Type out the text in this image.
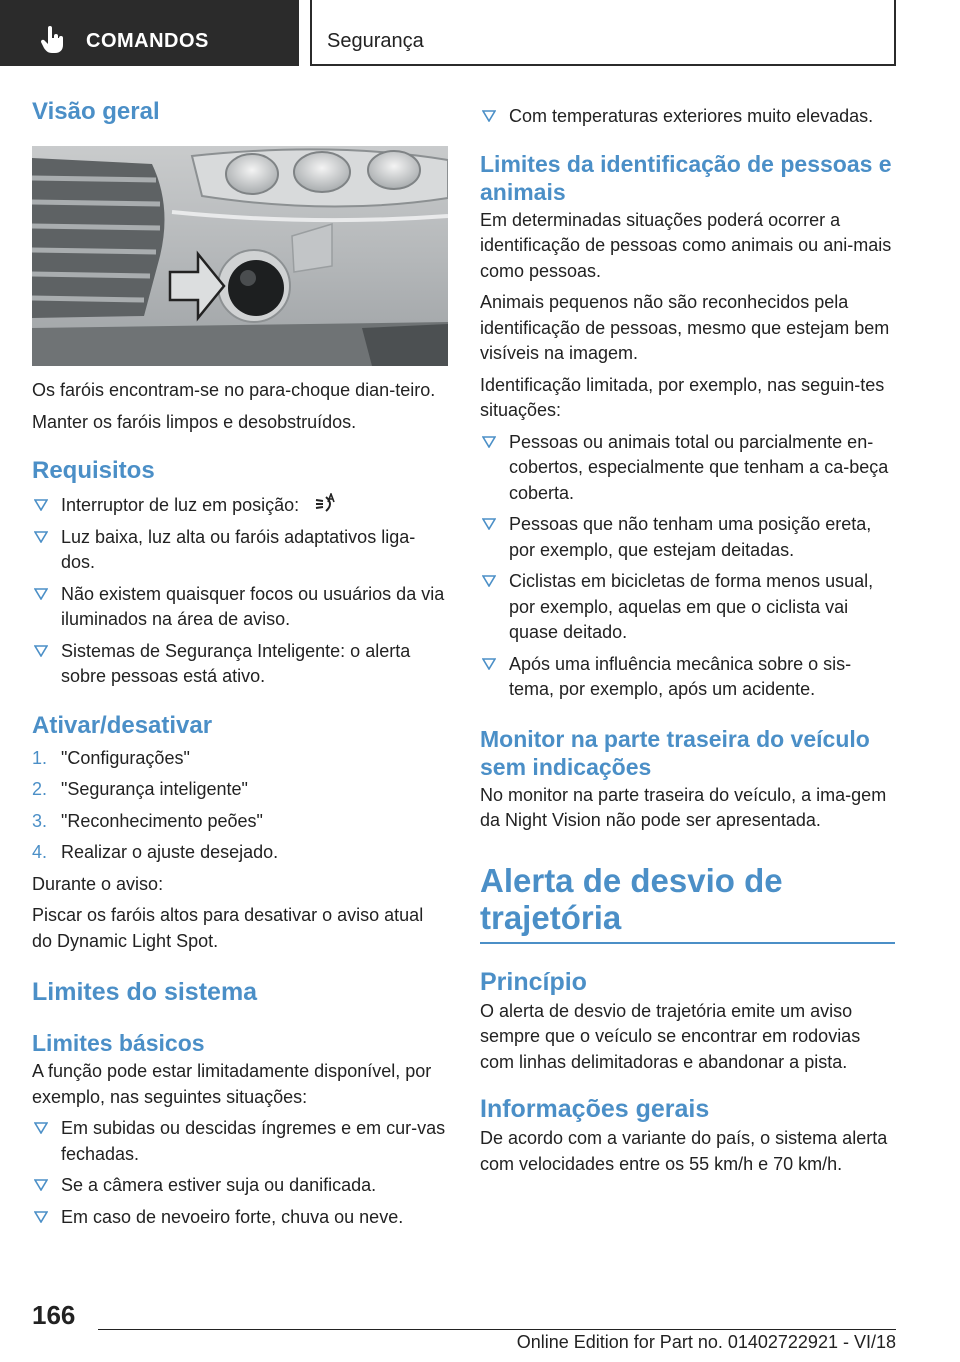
COMANDOS	Segurança
Visão geral

Os faróis encontram-se no para-choque dian-teiro.

Manter os faróis limpos e desobstruídos.

Requisitos
Interruptor de luz em posição:
Luz baixa, luz alta ou faróis adaptativos liga-dos.
Não existem quaisquer focos ou usuários da via iluminados na área de aviso.
Sistemas de Segurança Inteligente: o alerta sobre pessoas está ativo.
Ativar/desativar
1. "Configurações"
2. "Segurança inteligente"
3. "Reconhecimento peões"
4. Realizar o ajuste desejado.

Durante o aviso:

Piscar os faróis altos para desativar o aviso atual do Dynamic Light Spot.

Limites do sistema
Limites básicos

A função pode estar limitadamente disponível, por exemplo, nas seguintes situações:

Em subidas ou descidas íngremes e em cur-vas fechadas.
Se a câmera estiver suja ou danificada.
Em caso de nevoeiro forte, chuva ou neve.
Com temperaturas exteriores muito elevadas.
Limites da identificação de pessoas e animais

Em determinadas situações poderá ocorrer a identificação de pessoas como animais ou ani-mais como pessoas.

Animais pequenos não são reconhecidos pela identificação de pessoas, mesmo que estejam bem visíveis na imagem.

Identificação limitada, por exemplo, nas seguin-tes situações:

Pessoas ou animais total ou parcialmente en-cobertos, especialmente que tenham a ca-beça coberta.
Pessoas que não tenham uma posição ereta, por exemplo, que estejam deitadas.
Ciclistas em bicicletas de forma menos usual, por exemplo, aquelas em que o ciclista vai quase deitado.
Após uma influência mecânica sobre o sis-tema, por exemplo, após um acidente.
Monitor na parte traseira do veículo sem indicações

No monitor na parte traseira do veículo, a ima-gem da Night Vision não pode ser apresentada.

Alerta de desvio de trajetória
Princípio

O alerta de desvio de trajetória emite um aviso sempre que o veículo se encontrar em rodovias com linhas delimitadoras e abandonar a pista.

Informações gerais

De acordo com a variante do país, o sistema alerta com velocidades entre os 55 km/h e 70 km/h.

166
Online Edition for Part no. 01402722921 - VI/18
